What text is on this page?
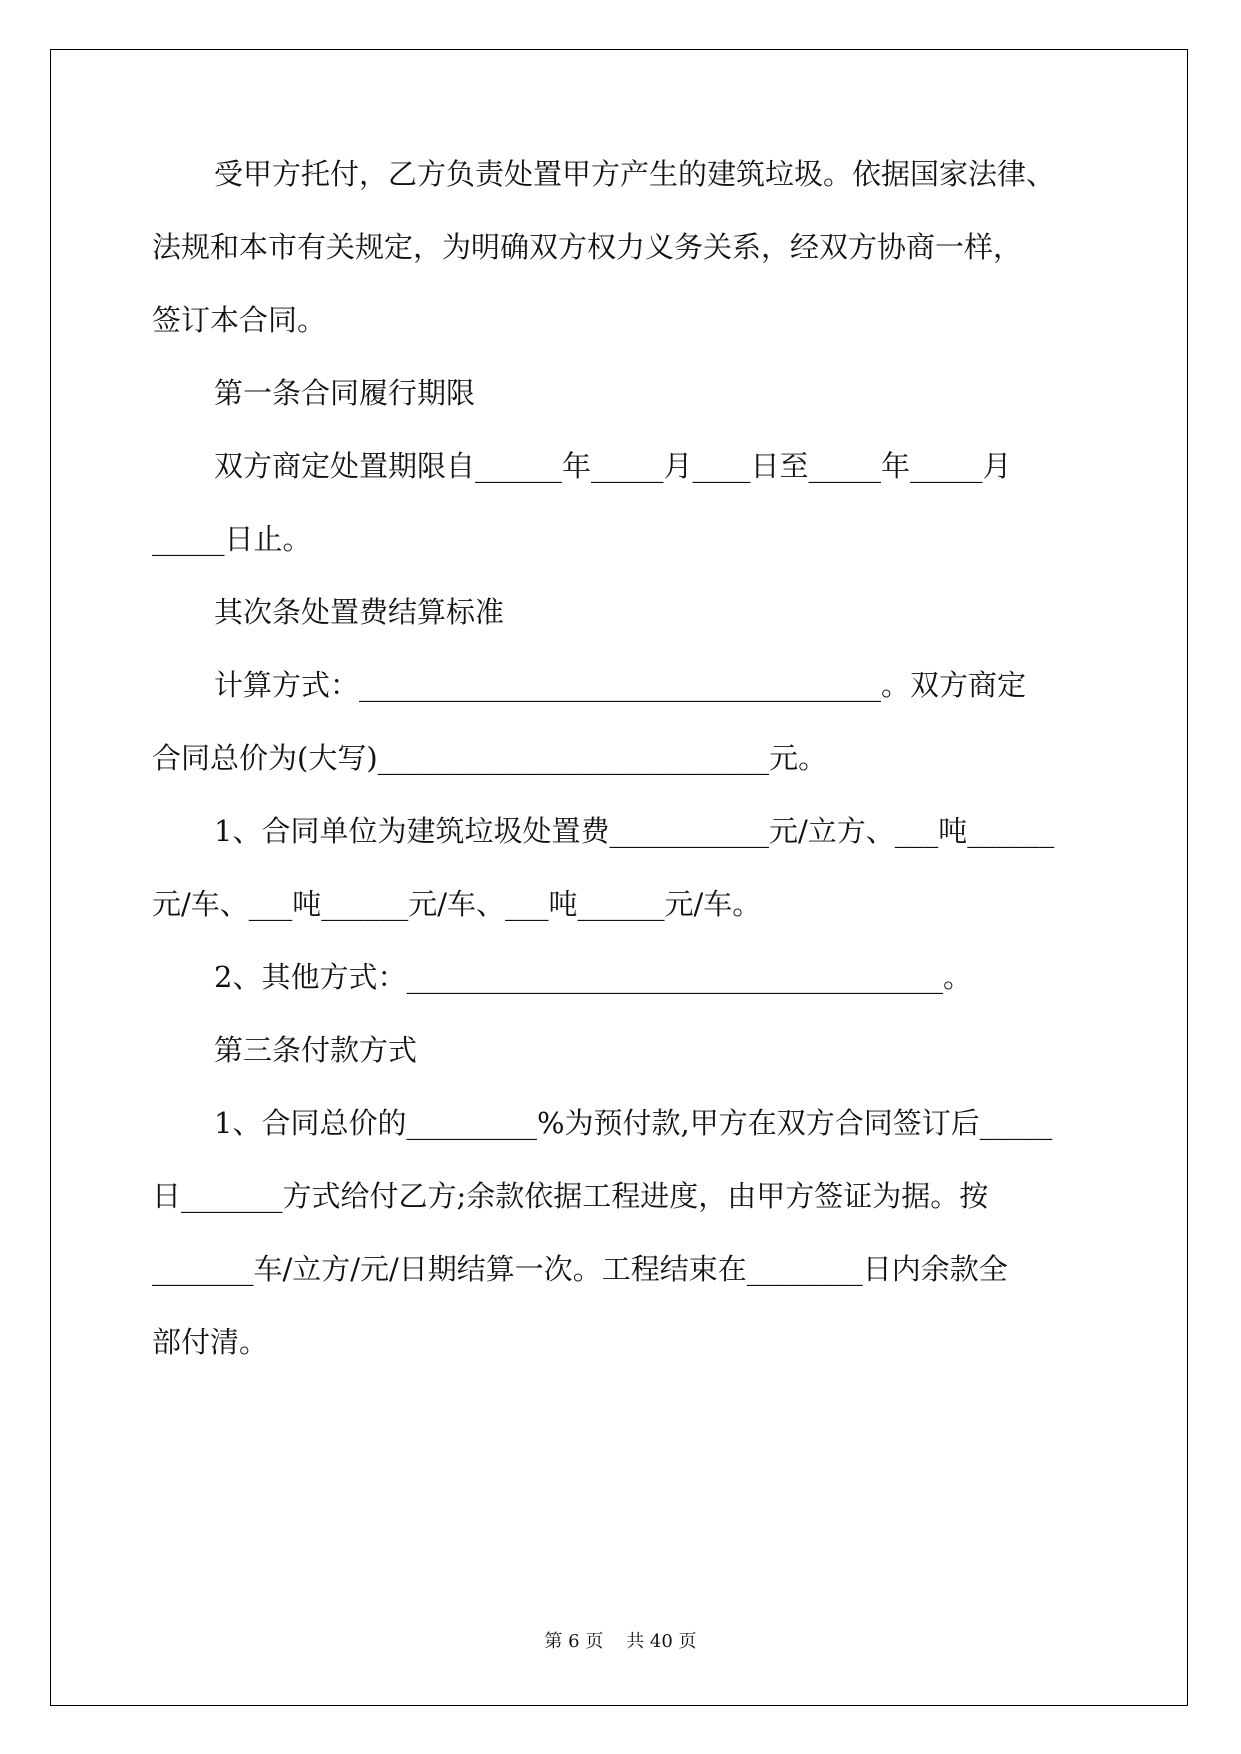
受甲方托付，乙方负责处置甲方产生的建筑垃圾。依据国家法律、

法规和本市有关规定，为明确双方权力义务关系，经双方协商一样，

签订本合同。

第一条合同履行期限

双方商定处置期限自______年_____月____日至_____年_____月

_____日止。

其次条处置费结算标准

计算方式：____________________________________。双方商定

合同总价为(大写)___________________________元。

1、合同单位为建筑垃圾处置费___________元/立方、___吨______

元/车、___吨______元/车、___吨______元/车。

2、其他方式：_____________________________________。

第三条付款方式

1、合同总价的_________%为预付款,甲方在双方合同签订后_____

日_______方式给付乙方;余款依据工程进度，由甲方签证为据。按

_______车/立方/元/日期结算一次。工程结束在________日内余款全

部付清。

第 6 页    共 40 页
